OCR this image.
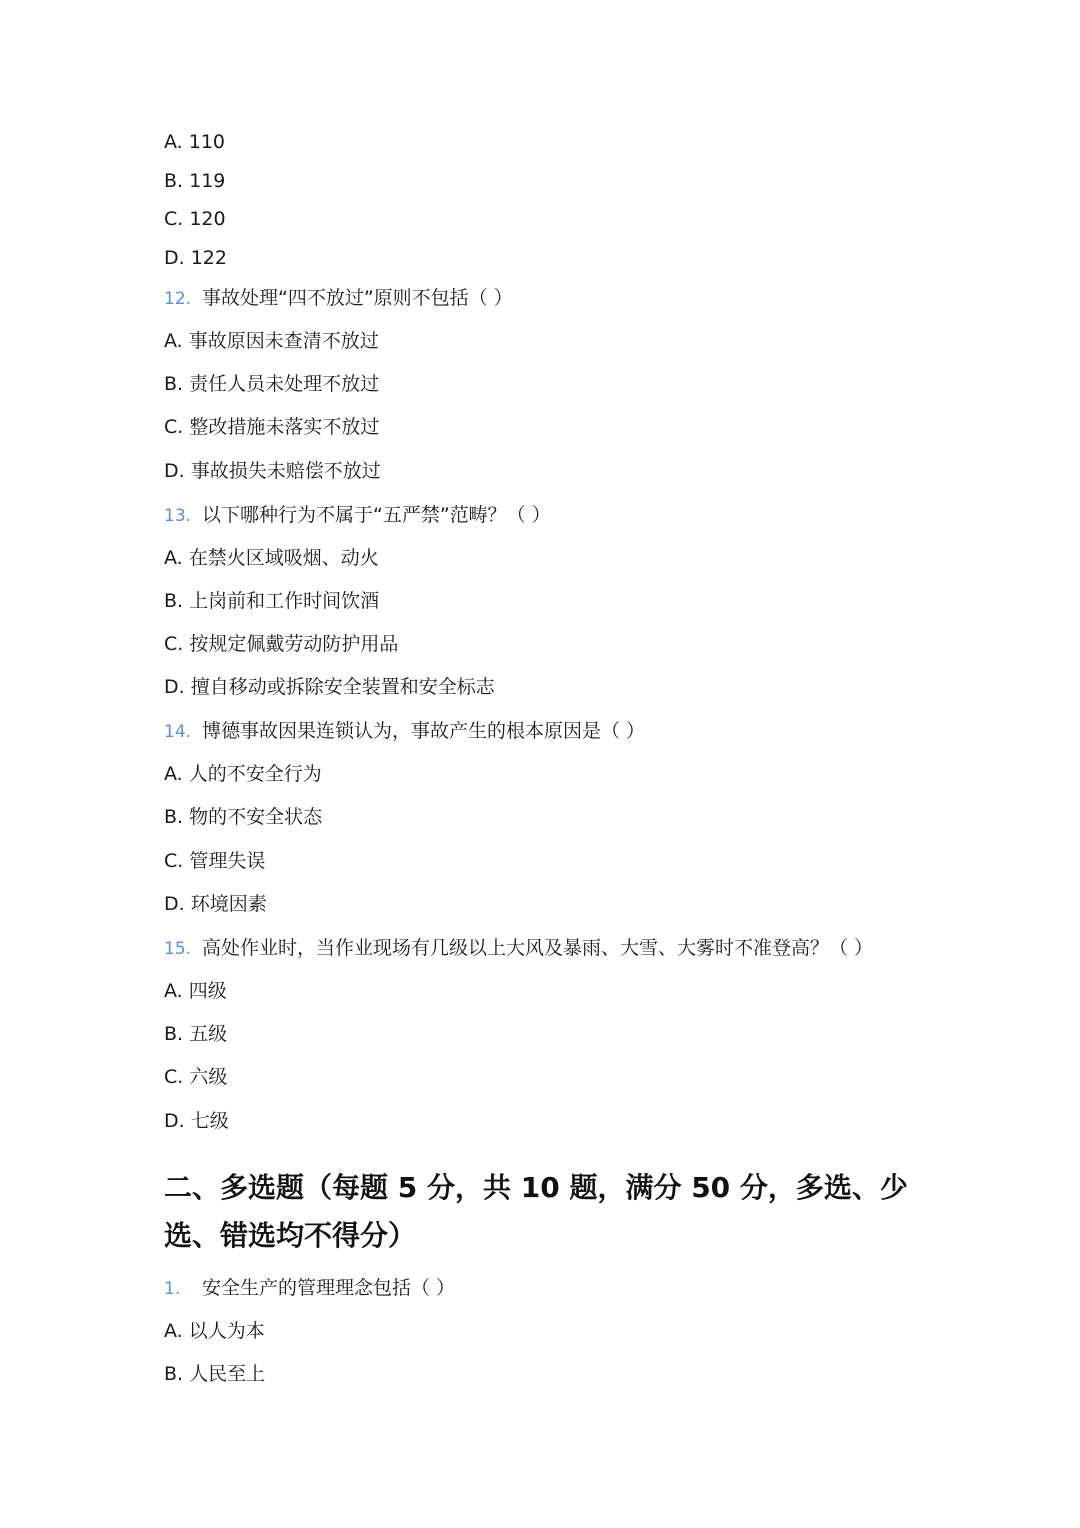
A. 110
B. 119
C. 120
D. 122
12. 事故处理“四不放过”原则不包括（ ）
A. 事故原因未查清不放过
B. 责任人员未处理不放过
C. 整改措施未落实不放过
D. 事故损失未赔偿不放过
13. 以下哪种行为不属于“五严禁”范畴？（ ）
A. 在禁火区域吸烟、动火
B. 上岗前和工作时间饮酒
C. 按规定佩戴劳动防护用品
D. 擅自移动或拆除安全装置和安全标志
14. 博德事故因果连锁认为，事故产生的根本原因是（ ）
A. 人的不安全行为
B. 物的不安全状态
C. 管理失误
D. 环境因素
15. 高处作业时，当作业现场有几级以上大风及暴雨、大雪、大雾时不准登高？（ ）
A. 四级
B. 五级
C. 六级
D. 七级
二、多选题（每题 5 分，共 10 题，满分 50 分，多选、少选、错选均不得分）
1. 安全生产的管理理念包括（ ）
A. 以人为本
B. 人民至上
